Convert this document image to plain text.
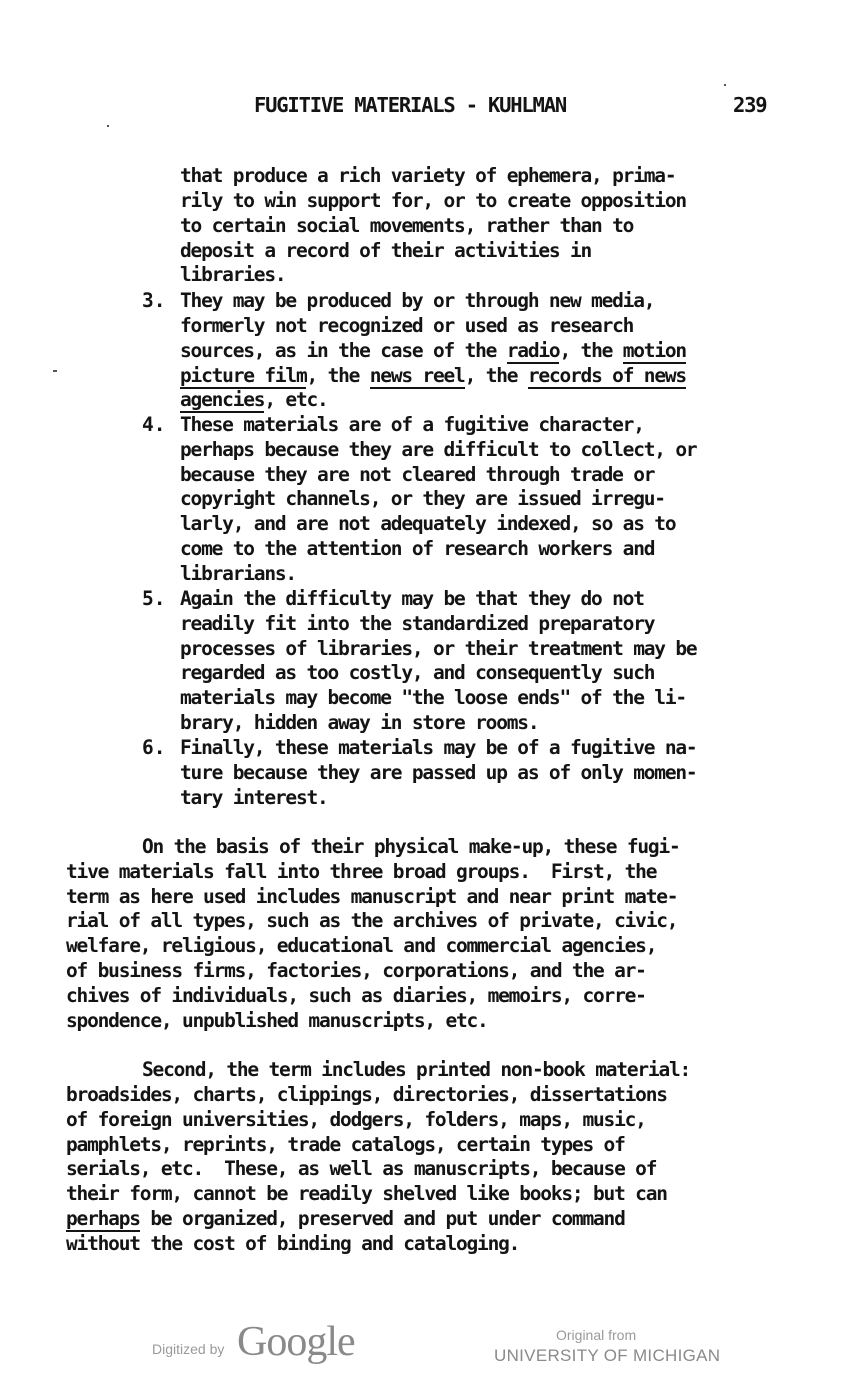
FUGITIVE MATERIALS - KUHLMAN	239
that produce a rich variety of ephemera, prima-
rily to win support for, or to create opposition
to certain social movements, rather than to
deposit a record of their activities in
libraries.
3. They may be produced by or through new media,
formerly not recognized or used as research
sources, as in the case of the radio, the motion
picture film, the news reel, the records of news
agencies, etc.
4. These materials are of a fugitive character,
perhaps because they are difficult to collect, or
because they are not cleared through trade or
copyright channels, or they are issued irregu-
larly, and are not adequately indexed, so as to
come to the attention of research workers and
librarians.
5. Again the difficulty may be that they do not
readily fit into the standardized preparatory
processes of libraries, or their treatment may be
regarded as too costly, and consequently such
materials may become "the loose ends" of the li-
brary, hidden away in store rooms.
6. Finally, these materials may be of a fugitive na-
ture because they are passed up as of only momen-
tary interest.
On the basis of their physical make-up, these fugi-
tive materials fall into three broad groups.  First, the
term as here used includes manuscript and near print mate-
rial of all types, such as the archives of private, civic,
welfare, religious, educational and commercial agencies,
of business firms, factories, corporations, and the ar-
chives of individuals, such as diaries, memoirs, corre-
spondence, unpublished manuscripts, etc.
Second, the term includes printed non-book material:
broadsides, charts, clippings, directories, dissertations
of foreign universities, dodgers, folders, maps, music,
pamphlets, reprints, trade catalogs, certain types of
serials, etc.  These, as well as manuscripts, because of
their form, cannot be readily shelved like books; but can
perhaps be organized, preserved and put under command
without the cost of binding and cataloging.
Digitized by Google	Original from
UNIVERSITY OF MICHIGAN
